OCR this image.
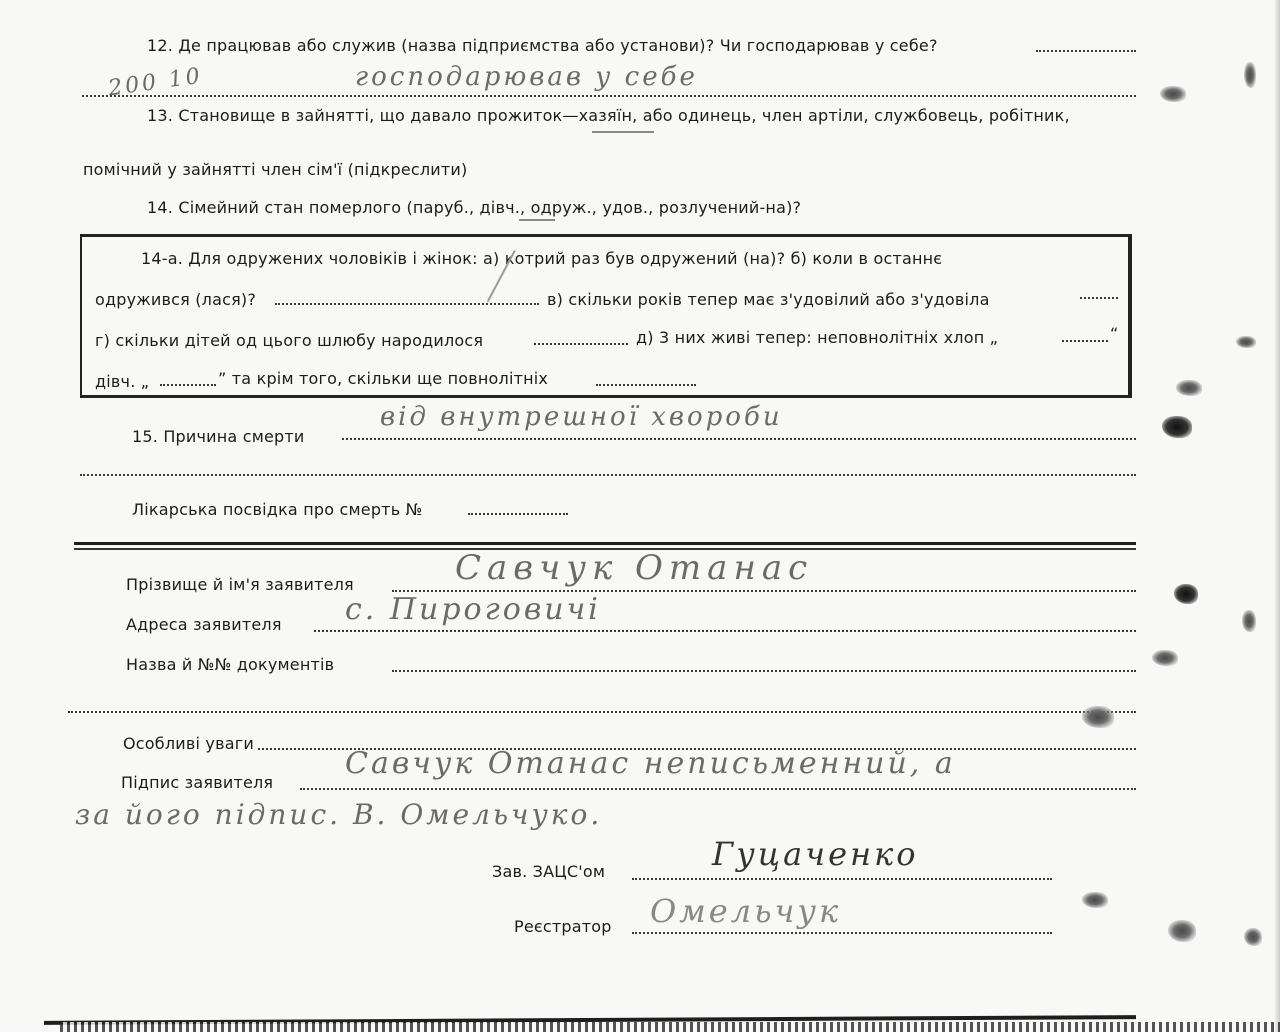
12. Де працював або служив (назва підприємства або установи)? Чи господарював у себе?
200 10	господарював у себе
13. Становище в зайнятті, що давало прожиток—хазяїн, або одинець, член артіли, службовець, робітник,
помічний у зайнятті член сім'ї (підкреслити)
14. Сімейний стан померлого (паруб., дівч., одруж., удов., розлучений-на)?
14-а. Для одружених чоловіків і жінок: а) котрий раз був одружений (на)? б) коли в останнє
одружився (лася)?	в) скільки років тепер має з'удовілий або з'удовіла
г) скільки дітей од цього шлюбу народилося	д) 3 них живі тепер: неповнолітніх хлоп „	“
дівч. „	” та крім того, скільки ще повнолітніх
15. Причина смерти
від внутрешної хвороби
Лікарська посвідка про смерть №
Прізвище й ім'я заявителя	Савчук Отанас
Адреса заявителя с. Пироговичі
Назва й №№ документів
Особливі уваги
Підпис заявителя
Савчук Отанас неписьменний, а
за його підпис. В. Омельчуко.
Зав. ЗАЦС'ом	Гуцаченко
Реєстратор Омельчук
